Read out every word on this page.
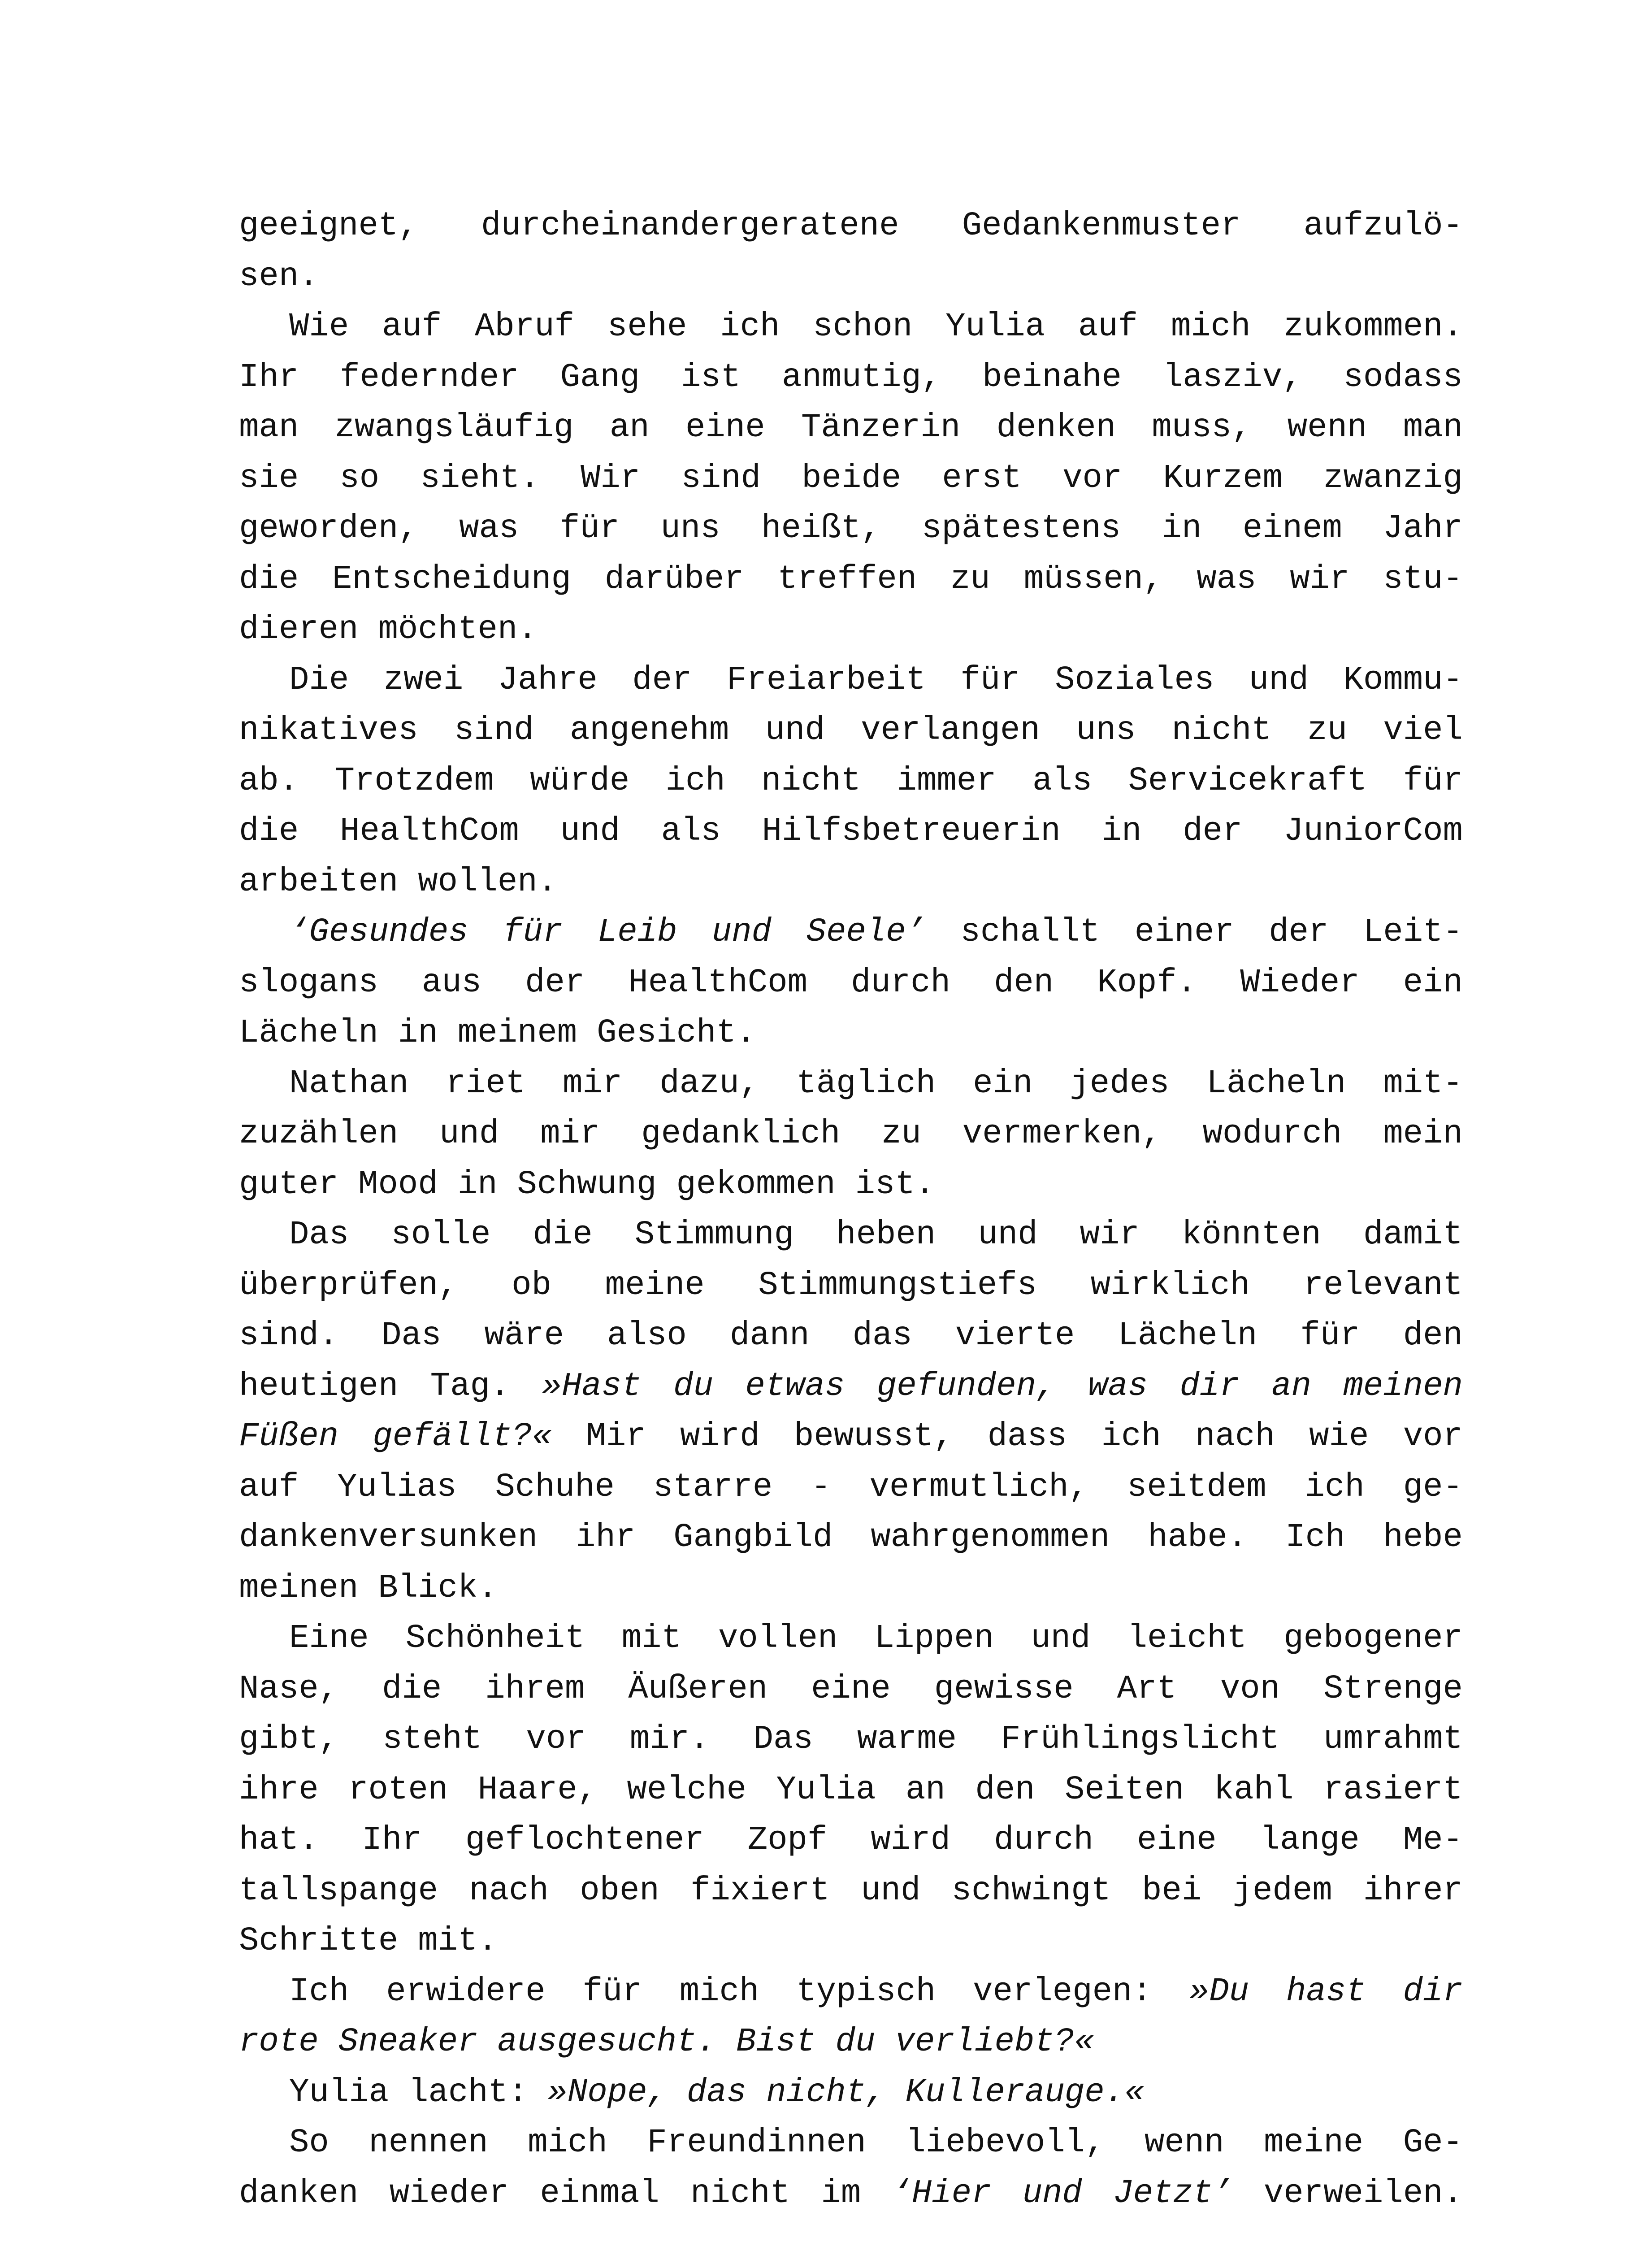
geeignet, durcheinandergeratene Gedankenmuster aufzulö-
sen.
Wie auf Abruf sehe ich schon Yulia auf mich zukommen.
Ihr federnder Gang ist anmutig, beinahe lasziv, sodass
man zwangsläufig an eine Tänzerin denken muss, wenn man
sie so sieht. Wir sind beide erst vor Kurzem zwanzig
geworden, was für uns heißt, spätestens in einem Jahr
die Entscheidung darüber treffen zu müssen, was wir stu-
dieren möchten.
Die zwei Jahre der Freiarbeit für Soziales und Kommu-
nikatives sind angenehm und verlangen uns nicht zu viel
ab. Trotzdem würde ich nicht immer als Servicekraft für
die HealthCom und als Hilfsbetreuerin in der JuniorCom
arbeiten wollen.
‘Gesundes für Leib und Seele’ schallt einer der Leit-
slogans aus der HealthCom durch den Kopf. Wieder ein
Lächeln in meinem Gesicht.
Nathan riet mir dazu, täglich ein jedes Lächeln mit-
zuzählen und mir gedanklich zu vermerken, wodurch mein
guter Mood in Schwung gekommen ist.
Das solle die Stimmung heben und wir könnten damit
überprüfen, ob meine Stimmungstiefs wirklich relevant
sind. Das wäre also dann das vierte Lächeln für den
heutigen Tag. »Hast du etwas gefunden, was dir an meinen
Füßen gefällt?« Mir wird bewusst, dass ich nach wie vor
auf Yulias Schuhe starre - vermutlich, seitdem ich ge-
dankenversunken ihr Gangbild wahrgenommen habe. Ich hebe
meinen Blick.
Eine Schönheit mit vollen Lippen und leicht gebogener
Nase, die ihrem Äußeren eine gewisse Art von Strenge
gibt, steht vor mir. Das warme Frühlingslicht umrahmt
ihre roten Haare, welche Yulia an den Seiten kahl rasiert
hat. Ihr geflochtener Zopf wird durch eine lange Me-
tallspange nach oben fixiert und schwingt bei jedem ihrer
Schritte mit.
Ich erwidere für mich typisch verlegen: »Du hast dir
rote Sneaker ausgesucht. Bist du verliebt?«
Yulia lacht: »Nope, das nicht, Kullerauge.«
So nennen mich Freundinnen liebevoll, wenn meine Ge-
danken wieder einmal nicht im ‘Hier und Jetzt’ verweilen.
